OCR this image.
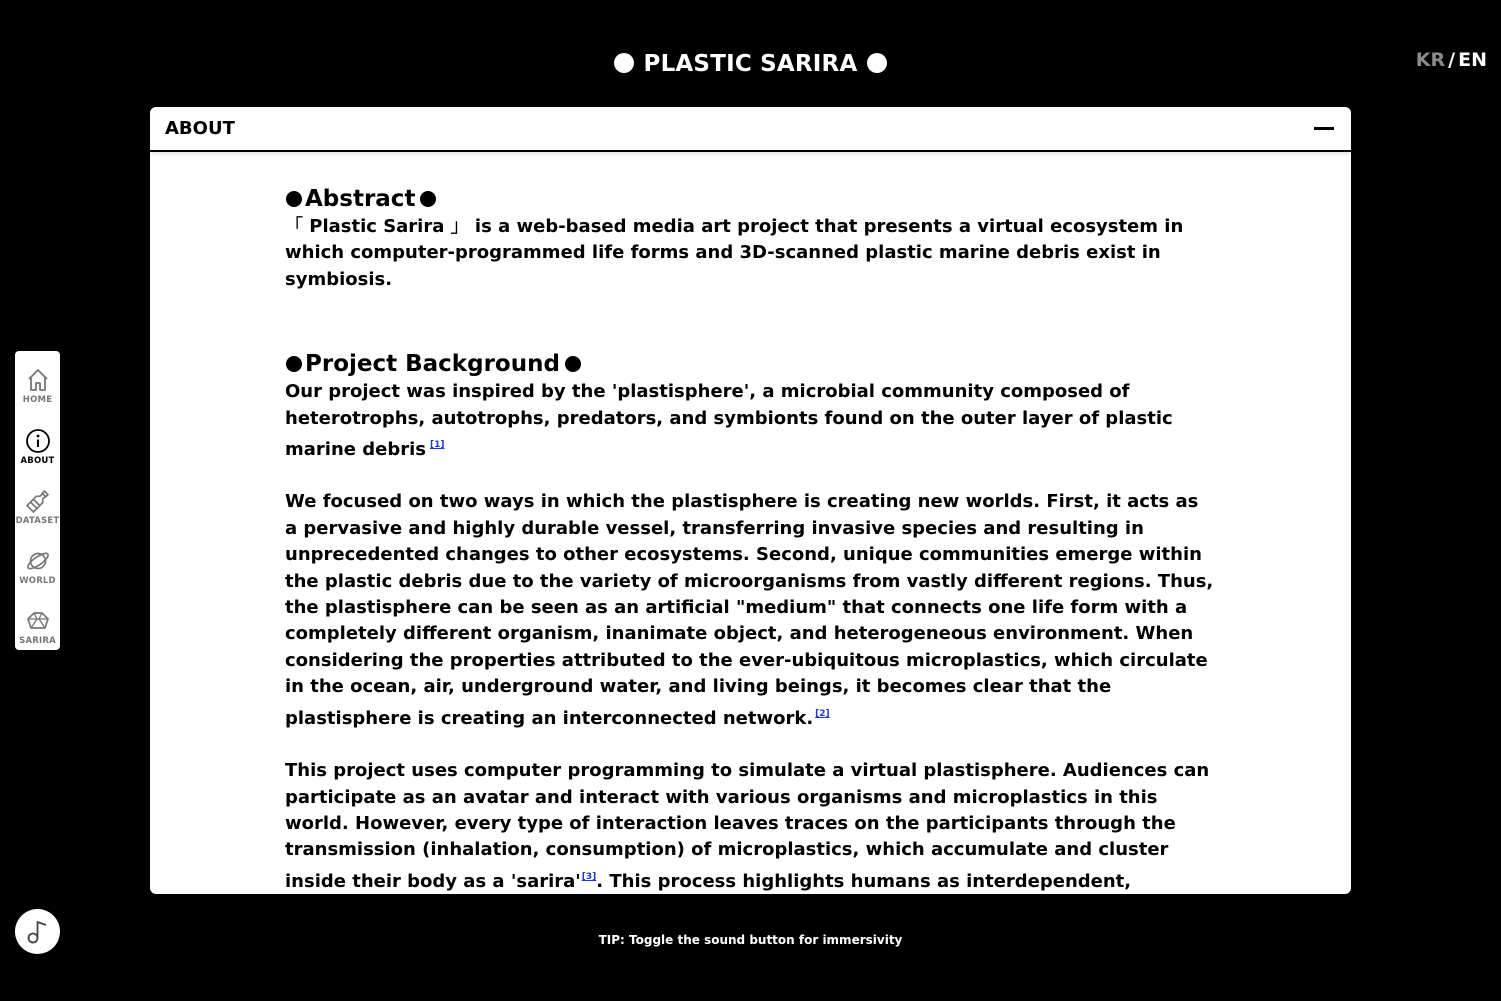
PLASTIC SARIRA	KR / EN
ABOUT
Abstract

「 Plastic Sarira 」 is a web-based media art project that presents a virtual ecosystem in which computer-programmed life forms and 3D-scanned plastic marine debris exist in symbiosis.

Project Background

Our project was inspired by the 'plastisphere', a microbial community composed of heterotrophs, autotrophs, predators, and symbionts found on the outer layer of plastic marine debris [1]

We focused on two ways in which the plastisphere is creating new worlds. First, it acts as a pervasive and highly durable vessel, transferring invasive species and resulting in unprecedented changes to other ecosystems. Second, unique communities emerge within the plastic debris due to the variety of microorganisms from vastly different regions. Thus, the plastisphere can be seen as an artificial "medium" that connects one life form with a completely different organism, inanimate object, and heterogeneous environment. When considering the properties attributed to the ever-ubiquitous microplastics, which circulate in the ocean, air, underground water, and living beings, it becomes clear that the plastisphere is creating an interconnected network. [2]

This project uses computer programming to simulate a virtual plastisphere. Audiences can participate as an avatar and interact with various organisms and microplastics in this world. However, every type of interaction leaves traces on the participants through the transmission (inhalation, consumption) of microplastics, which accumulate and cluster inside their body as a 'sarira'[3]. This process highlights humans as interdependent, synthetic beings that are both intimately affected by and influence other organisms and objects in our already plasticized world.

HOME
ABOUT
DATASET
WORLD
SARIRA
TIP: Toggle the sound button for immersivity
